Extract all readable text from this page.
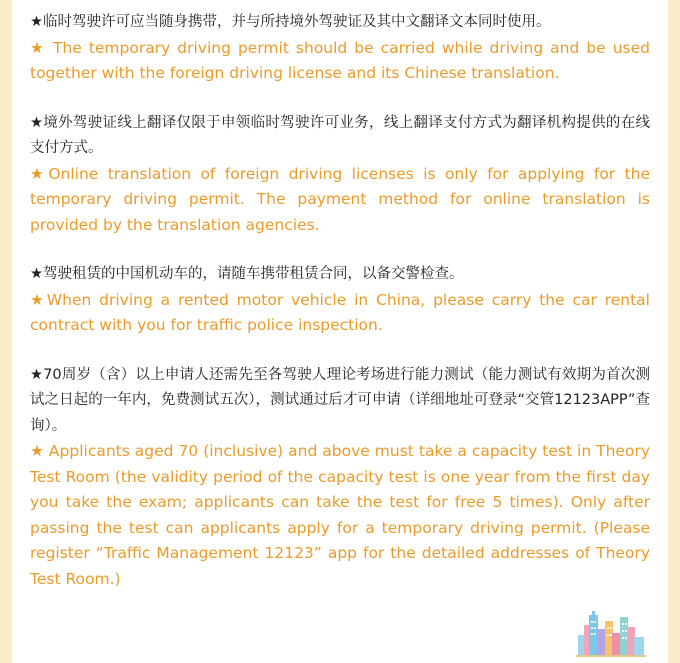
★临时驾驶许可应当随身携带，并与所持境外驾驶证及其中文翻译文本同时使用。

★ The temporary driving permit should be carried while driving and be used together with the foreign driving license and its Chinese translation.

★境外驾驶证线上翻译仅限于申领临时驾驶许可业务，线上翻译支付方式为翻译机构提供的在线支付方式。

★Online translation of foreign driving licenses is only for applying for the temporary driving permit. The payment method for online translation is provided by the translation agencies.

★驾驶租赁的中国机动车的，请随车携带租赁合同，以备交警检查。

★When driving a rented motor vehicle in China, please carry the car rental contract with you for traffic police inspection.

★70周岁（含）以上申请人还需先至各驾驶人理论考场进行能力测试（能力测试有效期为首次测试之日起的一年内，免费测试五次），测试通过后才可申请（详细地址可登录“交管12123APP”查询）。

★ Applicants aged 70 (inclusive) and above must take a capacity test in Theory Test Room (the validity period of the capacity test is one year from the first day you take the exam; applicants can take the test for free 5 times). Only after passing the test can applicants apply for a temporary driving permit. (Please register “Traffic Management 12123” app for the detailed addresses of Theory Test Room.)
